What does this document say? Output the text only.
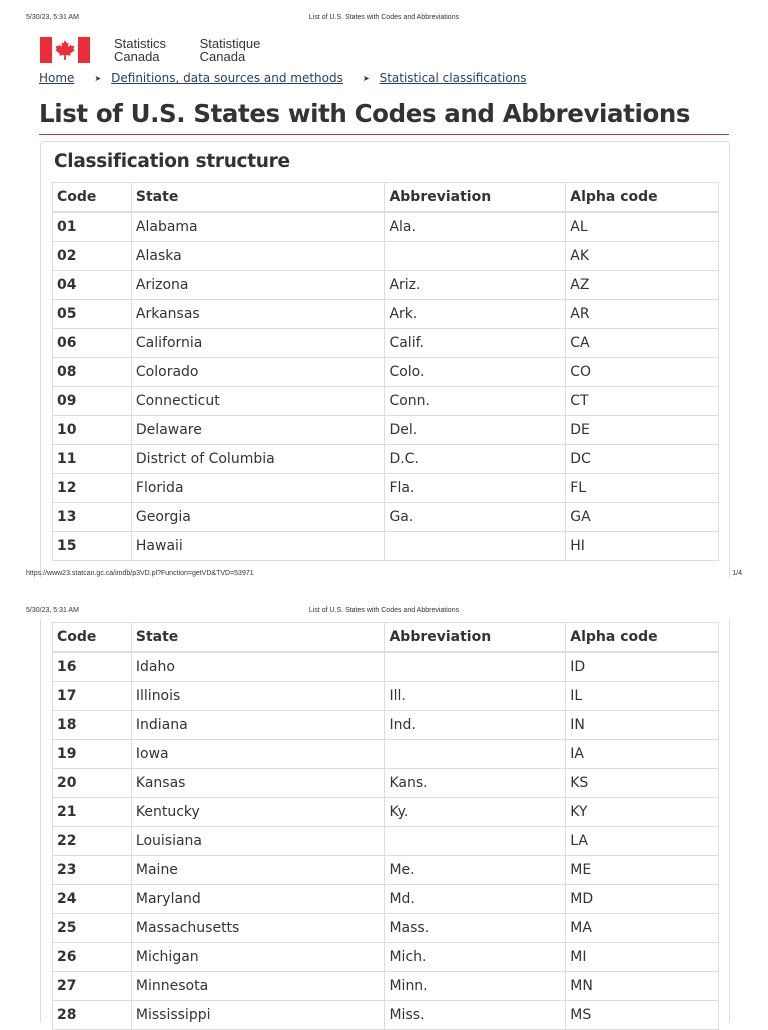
5/30/23, 5:31 AM	List of U.S. States with Codes and Abbreviations
Statistics
Canada

Statistique
Canada
Home	➤ Definitions, data sources and methods	➤ Statistical classifications
List of U.S. States with Codes and Abbreviations
Classification structure
Code	State	Abbreviation	Alpha code
01	Alabama	Ala.	AL
02	Alaska		AK
04	Arizona	Ariz.	AZ
05	Arkansas	Ark.	AR
06	California	Calif.	CA
08	Colorado	Colo.	CO
09	Connecticut	Conn.	CT
10	Delaware	Del.	DE
11	District of Columbia	D.C.	DC
12	Florida	Fla.	FL
13	Georgia	Ga.	GA
15	Hawaii		HI
https://www23.statcan.gc.ca/imdb/p3VD.pl?Function=getVD&TVD=53971	1/4
5/30/23, 5:31 AM	List of U.S. States with Codes and Abbreviations
Code	State	Abbreviation	Alpha code
16	Idaho		ID
17	Illinois	Ill.	IL
18	Indiana	Ind.	IN
19	Iowa		IA
20	Kansas	Kans.	KS
21	Kentucky	Ky.	KY
22	Louisiana		LA
23	Maine	Me.	ME
24	Maryland	Md.	MD
25	Massachusetts	Mass.	MA
26	Michigan	Mich.	MI
27	Minnesota	Minn.	MN
28	Mississippi	Miss.	MS
